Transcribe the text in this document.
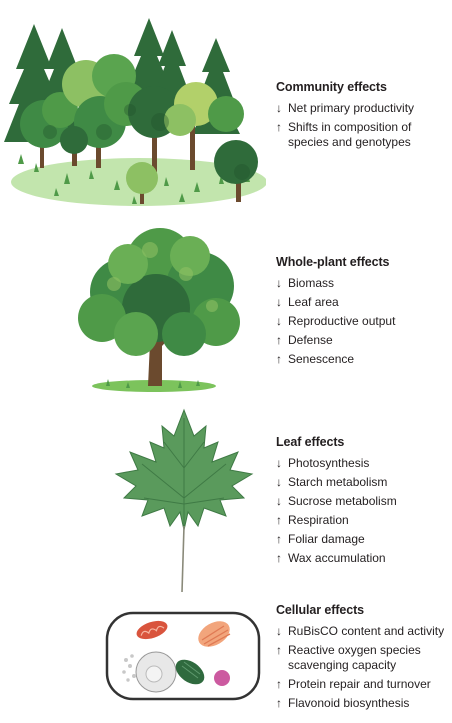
Community effects
↓ Net primary productivity
↑ Shifts in composition of species and genotypes
Whole-plant effects
↓ Biomass
↓ Leaf area
↓ Reproductive output
↑ Defense
↑ Senescence
Leaf effects
↓ Photosynthesis
↓ Starch metabolism
↓ Sucrose metabolism
↑ Respiration
↑ Foliar damage
↑ Wax accumulation
Cellular effects
↓ RuBisCO content and activity
↑ Reactive oxygen species scavenging capacity
↑ Protein repair and turnover
↑ Flavonoid biosynthesis
